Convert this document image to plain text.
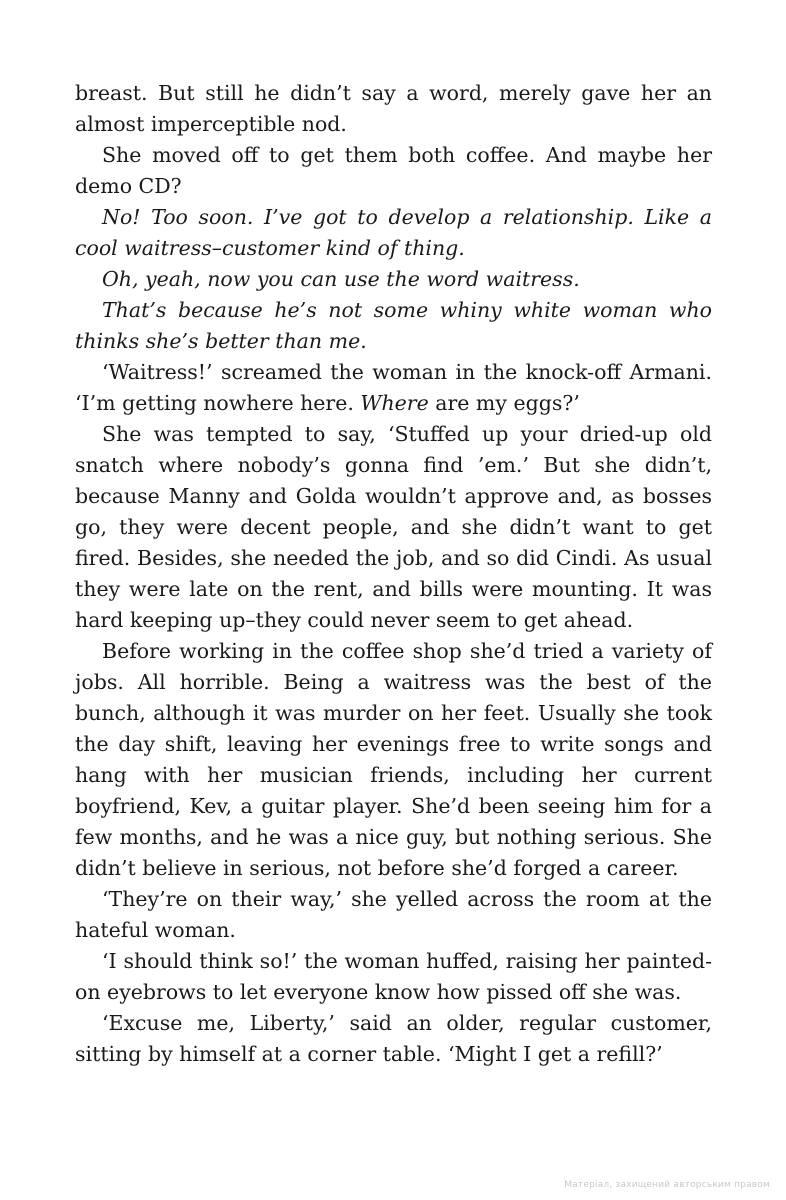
breast. But still he didn’t say a word, merely gave her an almost imperceptible nod.

She moved off to get them both coffee. And maybe her demo CD?

No! Too soon. I’ve got to develop a relationship. Like a cool waitress–customer kind of thing.

Oh, yeah, now you can use the word waitress.

That’s because he’s not some whiny white woman who thinks she’s better than me.

‘Waitress!’ screamed the woman in the knock-off Armani. ‘I’m getting nowhere here. Where are my eggs?’

She was tempted to say, ‘Stuffed up your dried-up old snatch where nobody’s gonna find ’em.’ But she didn’t, because Manny and Golda wouldn’t approve and, as bosses go, they were decent people, and she didn’t want to get fired. Besides, she needed the job, and so did Cindi. As usual they were late on the rent, and bills were mounting. It was hard keeping up–they could never seem to get ahead.

Before working in the coffee shop she’d tried a variety of jobs. All horrible. Being a waitress was the best of the bunch, although it was murder on her feet. Usually she took the day shift, leaving her evenings free to write songs and hang with her musician friends, including her current boyfriend, Kev, a guitar player. She’d been seeing him for a few months, and he was a nice guy, but nothing serious. She didn’t believe in serious, not before she’d forged a career.

‘They’re on their way,’ she yelled across the room at the hateful woman.

‘I should think so!’ the woman huffed, raising her painted-on eyebrows to let everyone know how pissed off she was.

‘Excuse me, Liberty,’ said an older, regular customer, sitting by himself at a corner table. ‘Might I get a refill?’

Матеріал, захищений авторським правом
